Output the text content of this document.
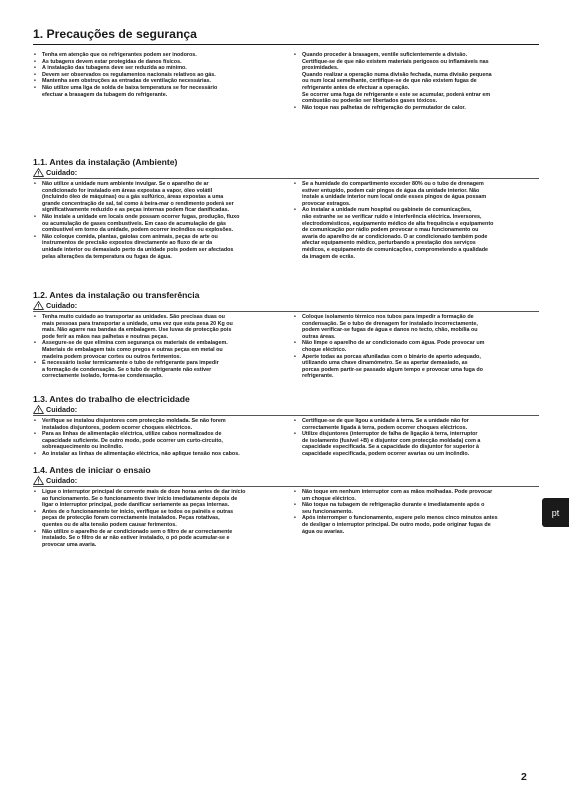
1. Precauções de segurança
• Tenha em atenção que os refrigerantes podem ser inodoros.
• As tubagens devem estar protegidas de danos físicos.
• A instalação das tubagens deve ser reduzida ao mínimo.
• Devem ser observados os regulamentos nacionais relativos ao gás.
• Mantenha sem obstruções as entradas de ventilação necessárias.
• Não utilize uma liga de solda de baixa temperatura se for necessário
efectuar a brasagem da tubagem do refrigerante.
• Quando proceder à brasagem, ventile suficientemente a divisão.
Certifique-se de que não existem materiais perigosos ou inflamáveis nas
proximidades.
Quando realizar a operação numa divisão fechada, numa divisão pequena
ou num local semelhante, certifique-se de que não existem fugas de
refrigerante antes de efectuar a operação.
Se ocorrer uma fuga de refrigerante e este se acumular, poderá entrar em
combustão ou poderão ser libertados gases tóxicos.
• Não toque nas palhetas de refrigeração do permutador de calor.
1.1. Antes da instalação (Ambiente)
Cuidado:
• Não utilize a unidade num ambiente invulgar. Se o aparelho de ar
condicionado for instalado em áreas expostas a vapor, óleo volátil
(incluindo óleo de máquinas) ou a gás sulfúrico, áreas expostas a uma
grande concentração de sal, tal como à beira-mar o rendimento poderá ser
significativamente reduzido e as peças internas podem ficar danificadas.
• Não instale a unidade em locais onde possam ocorrer fugas, produção, fluxo
ou acumulação de gases combustíveis. Em caso de acumulação de gás
combustível em torno da unidade, podem ocorrer incêndios ou explosões.
• Não coloque comida, plantas, gaiolas com animais, peças de arte ou
instrumentos de precisão expostos directamente ao fluxo de ar da
unidade interior ou demasiado perto da unidade pois podem ser afectados
pelas alterações da temperatura ou fugas de água.
• Se a humidade do compartimento exceder 80% ou o tubo de drenagem
estiver entupido, podem cair pingos de água da unidade interior. Não
instale a unidade interior num local onde esses pingos de água possam
provocar estragos.
• Ao instalar a unidade num hospital ou gabinete de comunicações,
não estranhe se se verificar ruído e interferência eléctrica. Inversores,
electrodomésticos, equipamento médico de alta frequência e equipamento
de comunicação por rádio podem provocar o mau funcionamento ou
avaria do aparelho de ar condicionado. O ar condicionado também pode
afectar equipamento médico, perturbando a prestação dos serviços
médicos, e equipamento de comunicações, comprometendo a qualidade
da imagem de ecrãs.
1.2. Antes da instalação ou transferência
Cuidado:
• Tenha muito cuidado ao transportar as unidades. São precisas duas ou
mais pessoas para transportar a unidade, uma vez que esta pesa 20 Kg ou
mais. Não agarre nas bandas da embalagem. Use luvas de protecção pois
pode ferir as mãos nas palhetas e noutras peças.
• Assegure-se de que elimina com segurança os materiais de embalagem.
Materiais de embalagem tais como pregos e outras peças em metal ou
madeira podem provocar cortes ou outros ferimentos.
• É necessário isolar termicamente o tubo de refrigerante para impedir
a formação de condensação. Se o tubo de refrigerante não estiver
correctamente isolado, forma-se condensação.
• Coloque isolamento térmico nos tubos para impedir a formação de
condensação. Se o tubo de drenagem for instalado incorrectamente,
podem verificar-se fugas de água e danos no tecto, chão, mobília ou
outras áreas.
• Não limpe o aparelho de ar condicionado com água. Pode provocar um
choque eléctrico.
• Aperte todas as porcas afuniladas com o binário de aperto adequado,
utilizando uma chave dinamómetro. Se as apertar demasiado, as
porcas podem partir-se passado algum tempo e provocar uma fuga do
refrigerante.
1.3. Antes do trabalho de electricidade
Cuidado:
• Verifique se instalou disjuntores com protecção moldada. Se não forem
instalados disjuntores, podem ocorrer choques eléctricos.
• Para as linhas de alimentação eléctrica, utilize cabos normalizados de
capacidade suficiente. De outro modo, pode ocorrer um curto-circuito,
sobreaquecimento ou incêndio.
• Ao instalar as linhas de alimentação eléctrica, não aplique tensão nos cabos.
• Certifique-se de que ligou a unidade à terra. Se a unidade não for
correctamente ligada à terra, podem ocorrer choques eléctricos.
• Utilize disjuntores (interruptor de falha de ligação à terra, interruptor
de isolamento (fusível +B) e disjuntor com protecção moldada) com a
capacidade especificada. Se a capacidade do disjuntor for superior à
capacidade especificada, podem ocorrer avarias ou um incêndio.
1.4. Antes de iniciar o ensaio
Cuidado:
• Ligue o interruptor principal de corrente mais de doze horas antes de dar início
ao funcionamento. Se o funcionamento tiver início imediatamente depois de
ligar o interruptor principal, pode danificar seriamente as peças internas.
• Antes de o funcionamento ter início, verifique se todos os painéis e outras
peças de protecção foram correctamente instalados. Peças rotativas,
quentes ou de alta tensão podem causar ferimentos.
• Não utilize o aparelho de ar condicionado sem o filtro de ar correctamente
instalado. Se o filtro de ar não estiver instalado, o pó pode acumular-se e
provocar uma avaria.
• Não toque em nenhum interruptor com as mãos molhadas. Pode provocar
um choque eléctrico.
• Não toque na tubagem de refrigeração durante e imediatamente após o
seu funcionamento.
• Após interromper o funcionamento, espere pelo menos cinco minutos antes
de desligar o interruptor principal. De outro modo, pode originar fugas de
água ou avarias.
pt
2
